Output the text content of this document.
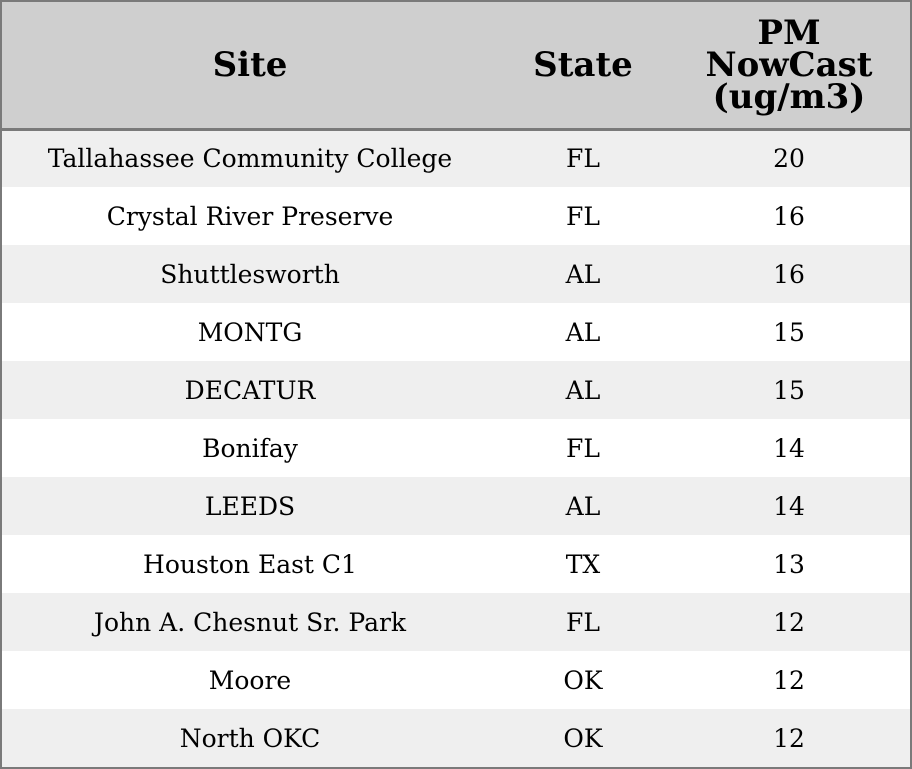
Site	State	PM
NowCast
(ug/m3)
Tallahassee Community College	FL	20
Crystal River Preserve	FL	16
Shuttlesworth	AL	16
MONTG	AL	15
DECATUR	AL	15
Bonifay	FL	14
LEEDS	AL	14
Houston East C1	TX	13
John A. Chesnut Sr. Park	FL	12
Moore	OK	12
North OKC	OK	12
